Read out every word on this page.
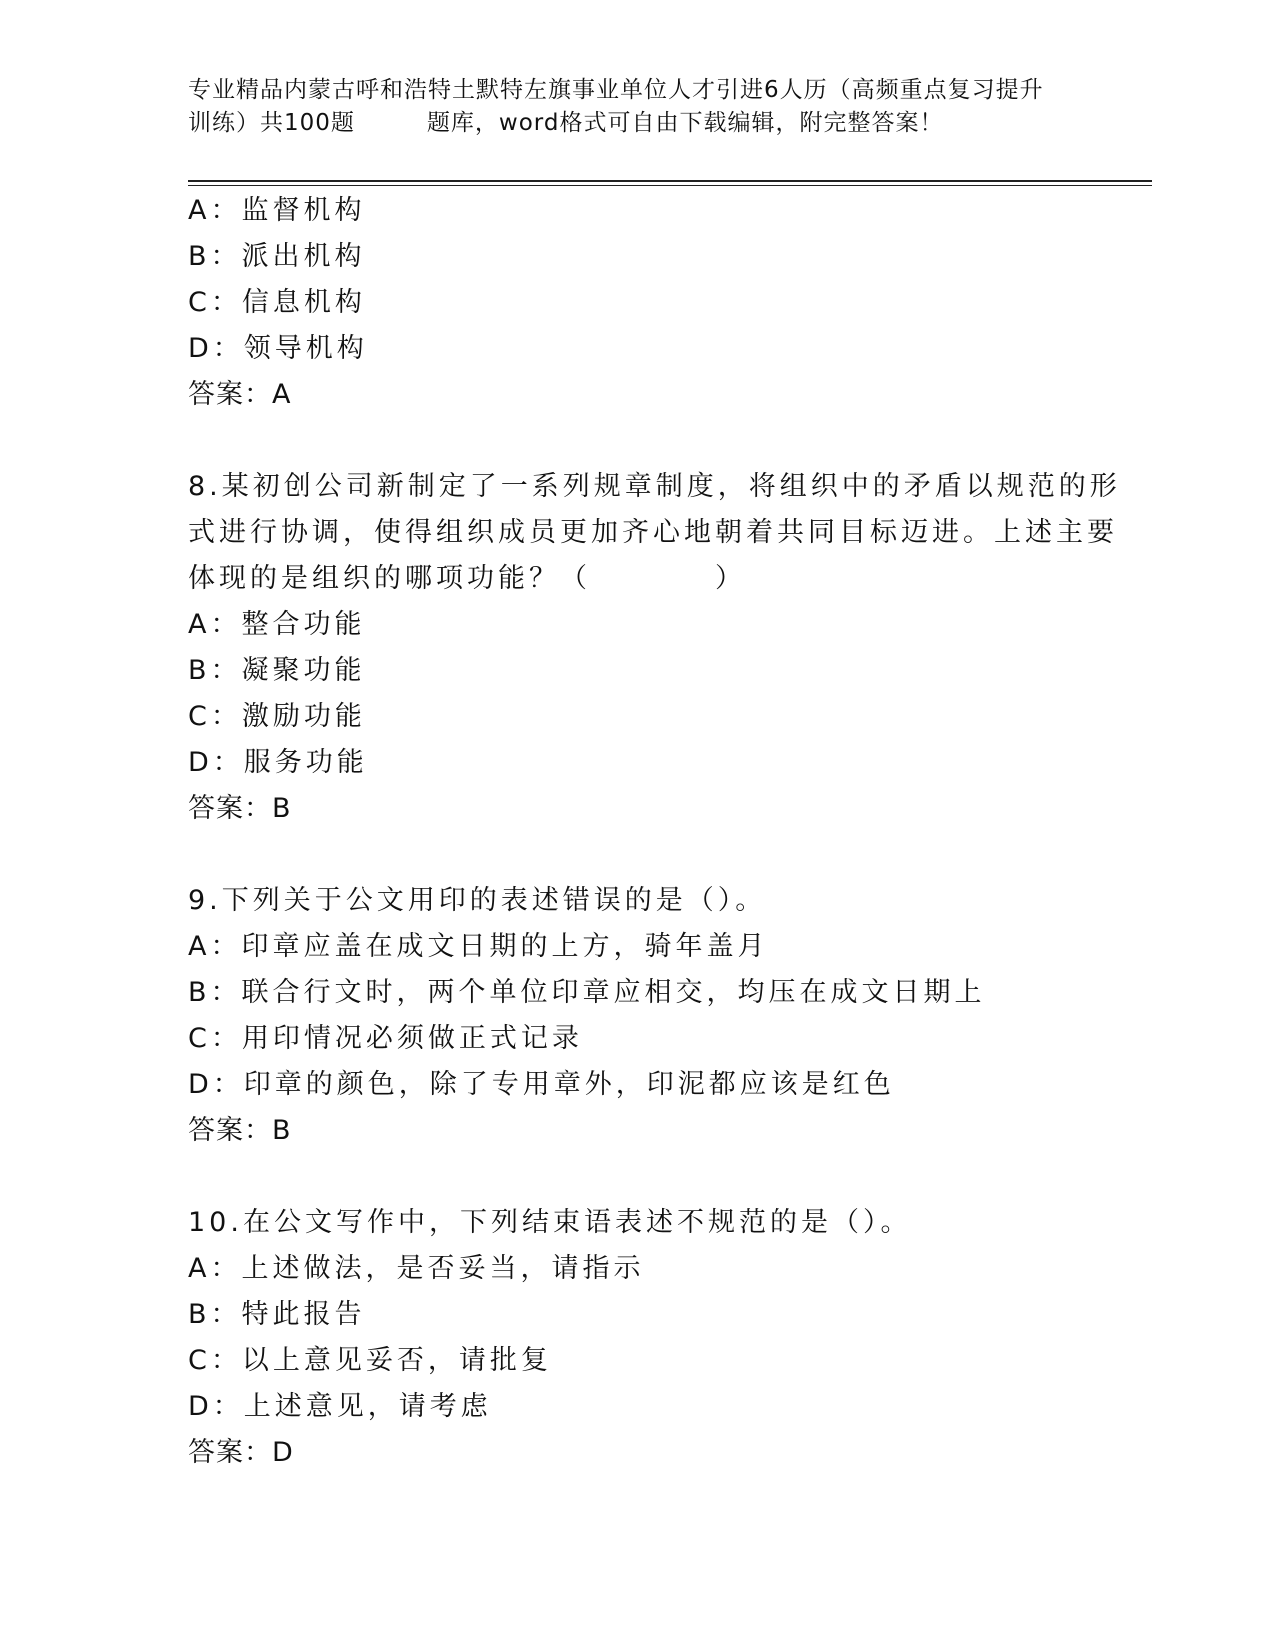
专业精品内蒙古呼和浩特土默特左旗事业单位人才引进6人历（高频重点复习提升
训练）共100题	题库，word格式可自由下载编辑，附完整答案！
A：监督机构
B：派出机构
C：信息机构
D：领导机构
答案：A
8.某初创公司新制定了一系列规章制度，将组织中的矛盾以规范的形
式进行协调，使得组织成员更加齐心地朝着共同目标迈进。上述主要
体现的是组织的哪项功能？（　　　　）
A：整合功能
B：凝聚功能
C：激励功能
D：服务功能
答案：B
9.下列关于公文用印的表述错误的是（）。
A：印章应盖在成文日期的上方，骑年盖月
B：联合行文时，两个单位印章应相交，均压在成文日期上
C：用印情况必须做正式记录
D：印章的颜色，除了专用章外，印泥都应该是红色
答案：B
10.在公文写作中，下列结束语表述不规范的是（）。
A：上述做法，是否妥当，请指示
B：特此报告
C：以上意见妥否，请批复
D：上述意见，请考虑
答案：D
